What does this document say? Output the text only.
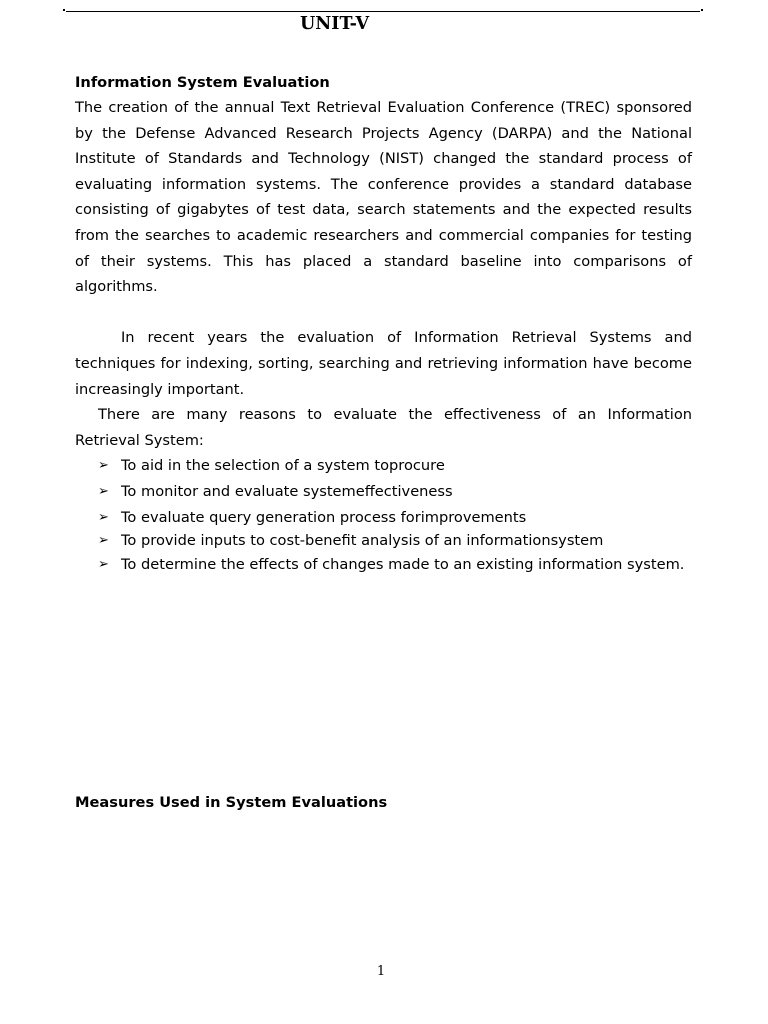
UNIT-V
Information System Evaluation

The creation of the annual Text Retrieval Evaluation Conference (TREC) sponsored by the Defense Advanced Research Projects Agency (DARPA) and the National Institute of Standards and Technology (NIST) changed the standard process of evaluating information systems. The conference provides a standard database consisting of gigabytes of test data, search statements and the expected results from the searches to academic researchers and commercial companies for testing of their systems. This has placed a standard baseline into comparisons of algorithms.

In recent years the evaluation of Information Retrieval Systems and techniques for indexing, sorting, searching and retrieving information have become increasingly important.

There are many reasons to evaluate the effectiveness of an Information Retrieval System:

➢ To aid in the selection of a system toprocure
➢ To monitor and evaluate systemeffectiveness
➢ To evaluate query generation process forimprovements
➢ To provide inputs to cost-benefit analysis of an informationsystem
➢ To determine the effects of changes made to an existing information system.
Measures Used in System Evaluations
1
